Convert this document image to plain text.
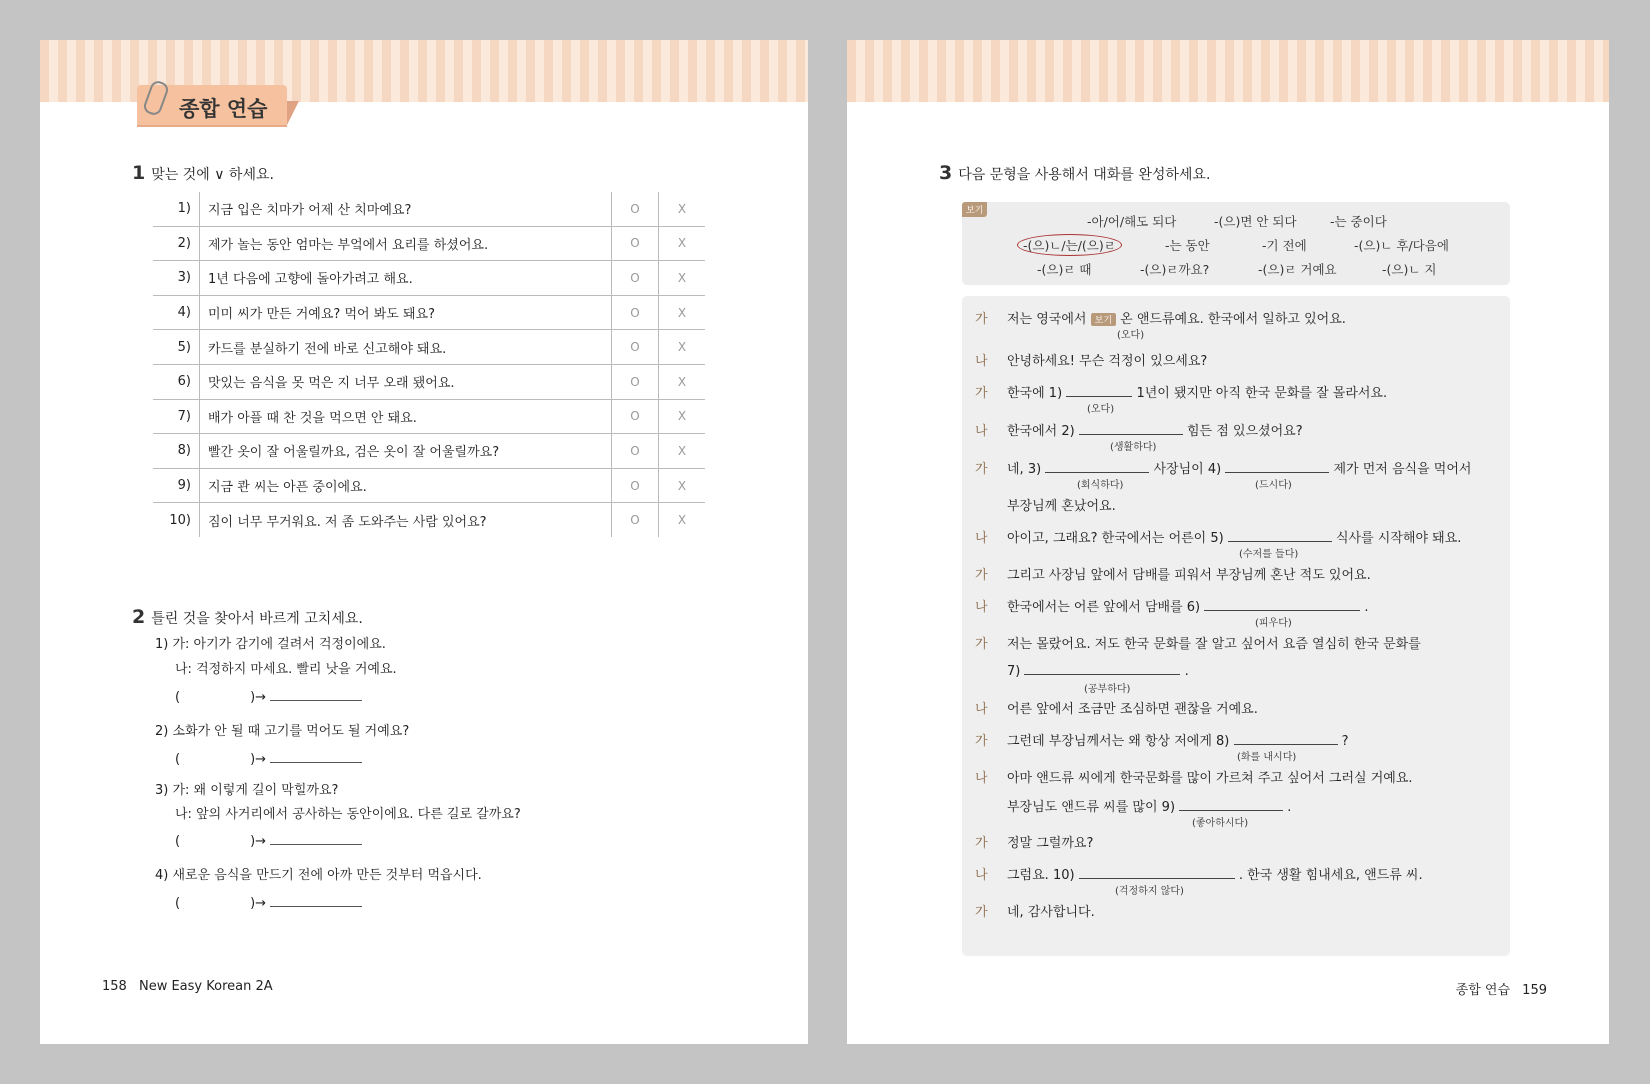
종합 연습
1 맞는 것에 ∨ 하세요.
1)	지금 입은 치마가 어제 산 치마예요?	O	X
2)	제가 놀는 동안 엄마는 부엌에서 요리를 하셨어요.	O	X
3)	1년 다음에 고향에 돌아가려고 해요.	O	X
4)	미미 씨가 만든 거예요? 먹어 봐도 돼요?	O	X
5)	카드를 분실하기 전에 바로 신고해야 돼요.	O	X
6)	맛있는 음식을 못 먹은 지 너무 오래 됐어요.	O	X
7)	배가 아플 때 찬 것을 먹으면 안 돼요.	O	X
8)	빨간 옷이 잘 어울릴까요, 검은 옷이 잘 어울릴까요?	O	X
9)	지금 콴 씨는 아픈 중이에요.	O	X
10)	짐이 너무 무거워요. 저 좀 도와주는 사람 있어요?	O	X
2 틀린 것을 찾아서 바르게 고치세요.
1) 가: 아기가 감기에 걸려서 걱정이에요.
나: 걱정하지 마세요. 빨리 낫을 거예요.
(	)→
2) 소화가 안 될 때 고기를 먹어도 될 거예요?
(	)→
3) 가: 왜 이렇게 길이 막힐까요?
나: 앞의 사거리에서 공사하는 동안이에요. 다른 길로 갈까요?
(	)→
4) 새로운 음식을 만드기 전에 아까 만든 것부터 먹읍시다.
(	)→
158 New Easy Korean 2A
3 다음 문형을 사용해서 대화를 완성하세요.
보기
-아/어/해도 되다	-(으)면 안 되다	-는 중이다
-(으)ㄴ/는/(으)ㄹ	-는 동안	-기 전에	-(으)ㄴ 후/다음에
-(으)ㄹ 때	-(으)ㄹ까요?	-(으)ㄹ 거예요	-(으)ㄴ 지
가 저는 영국에서 보기 온 앤드류예요. 한국에서 일하고 있어요.
(오다)
나 안녕하세요! 무슨 걱정이 있으세요?
가 한국에 1)	1년이 됐지만 아직 한국 문화를 잘 몰라서요.
(오다)
나 한국에서 2)	힘든 점 있으셨어요?
(생활하다)
가 네, 3)	사장님이 4)	제가 먼저 음식을 먹어서
(회식하다)	(드시다)
부장님께 혼났어요.
나 아이고, 그래요? 한국에서는 어른이 5)	식사를 시작해야 돼요.
(수저를 들다)
가 그리고 사장님 앞에서 담배를 피워서 부장님께 혼난 적도 있어요.
나 한국에서는 어른 앞에서 담배를 6)	.
(피우다)
가 저는 몰랐어요. 저도 한국 문화를 잘 알고 싶어서 요즘 열심히 한국 문화를
7)	.
(공부하다)
나 어른 앞에서 조금만 조심하면 괜찮을 거예요.
가 그런데 부장님께서는 왜 항상 저에게 8)	?
(화를 내시다)
나 아마 앤드류 씨에게 한국문화를 많이 가르쳐 주고 싶어서 그러실 거예요.
부장님도 앤드류 씨를 많이 9)	.
(좋아하시다)
가 정말 그럴까요?
나 그럼요. 10)	. 한국 생활 힘내세요, 앤드류 씨.
(걱정하지 않다)
가 네, 감사합니다.
종합 연습 159
